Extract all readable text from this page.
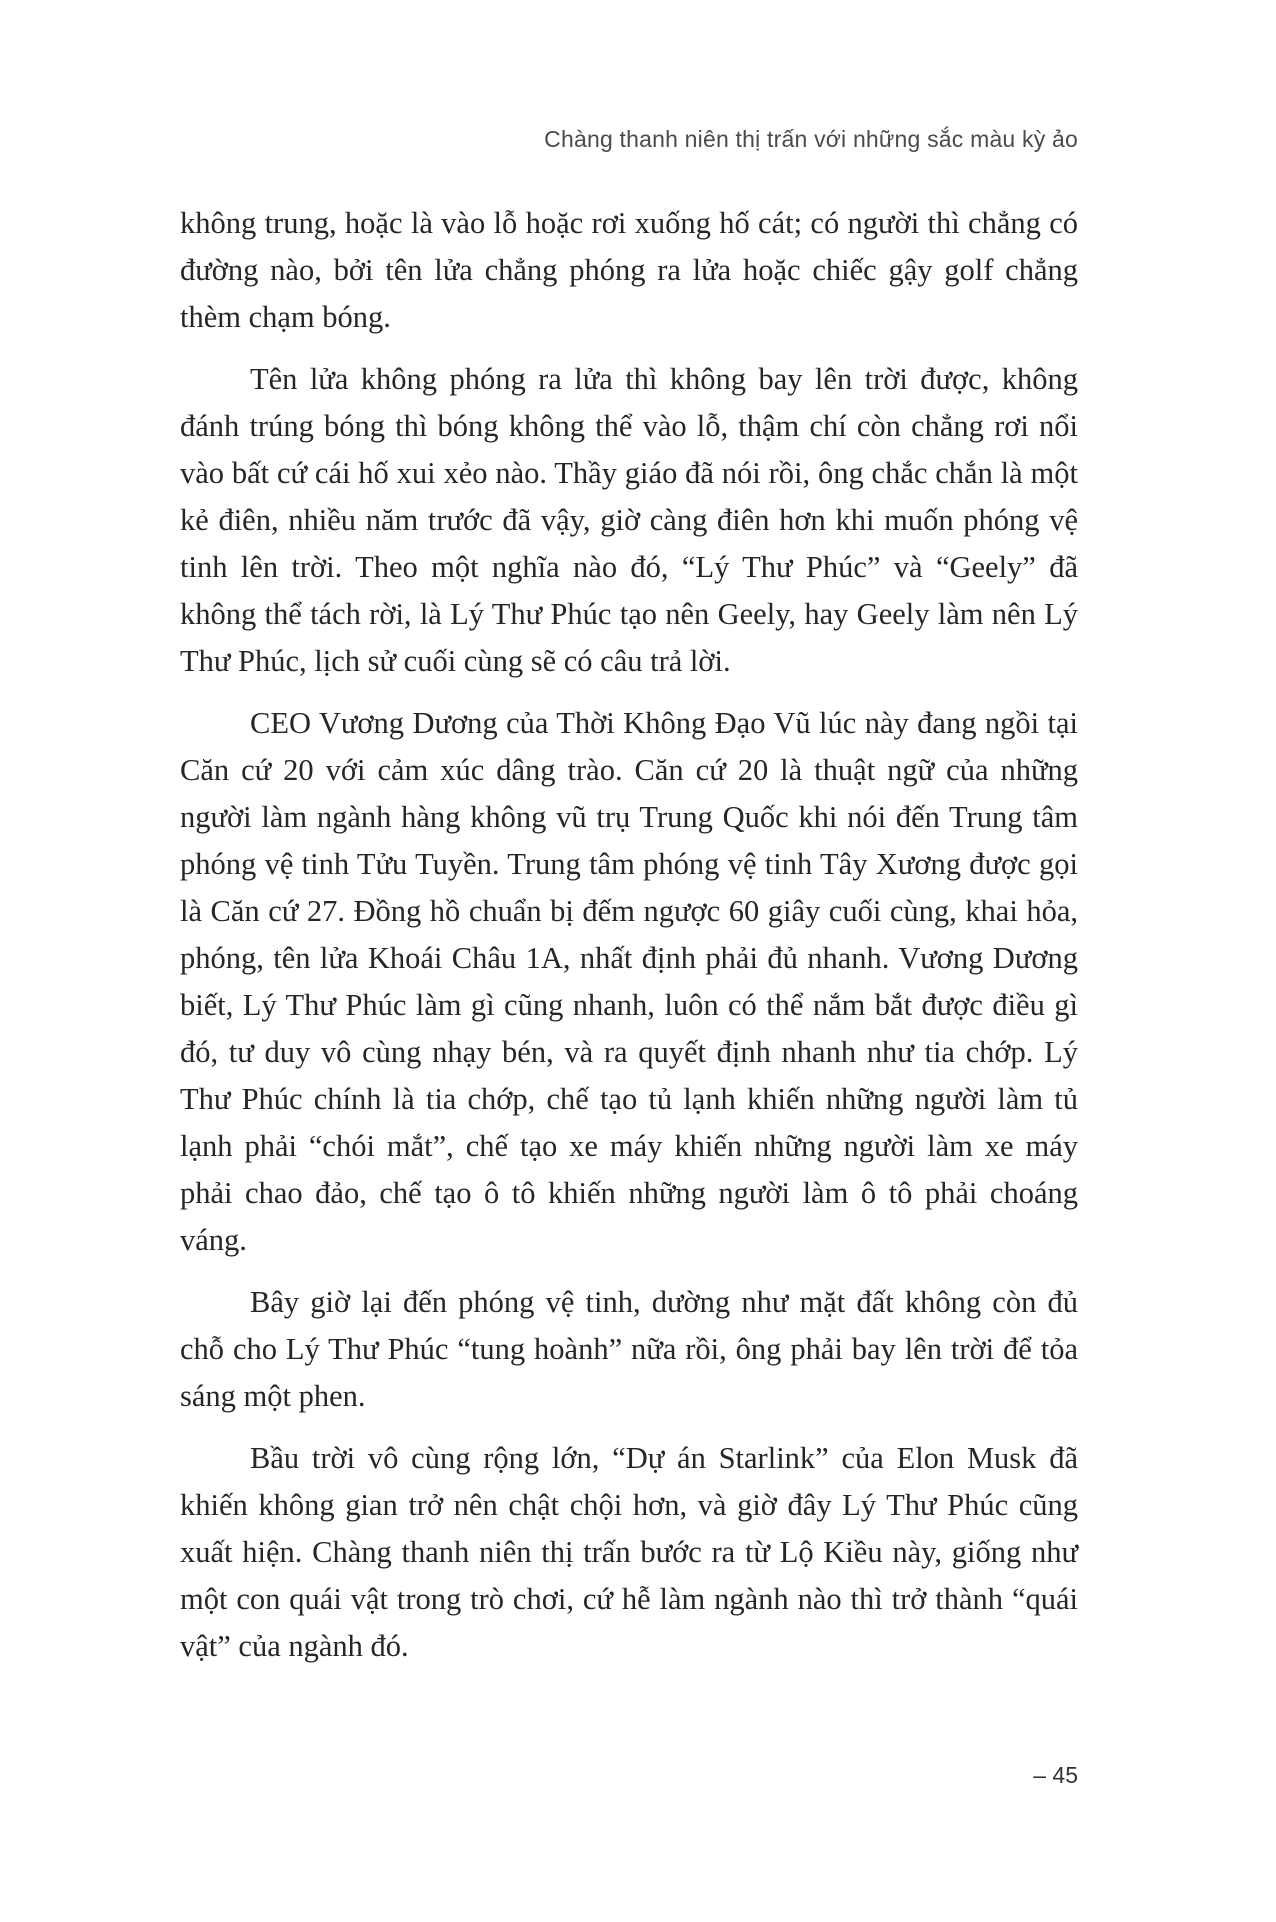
Chàng thanh niên thị trấn với những sắc màu kỳ ảo

không trung, hoặc là vào lỗ hoặc rơi xuống hố cát; có người thì chẳng có đường nào, bởi tên lửa chẳng phóng ra lửa hoặc chiếc gậy golf chẳng thèm chạm bóng.

Tên lửa không phóng ra lửa thì không bay lên trời được, không đánh trúng bóng thì bóng không thể vào lỗ, thậm chí còn chẳng rơi nổi vào bất cứ cái hố xui xẻo nào. Thầy giáo đã nói rồi, ông chắc chắn là một kẻ điên, nhiều năm trước đã vậy, giờ càng điên hơn khi muốn phóng vệ tinh lên trời. Theo một nghĩa nào đó, “Lý Thư Phúc” và “Geely” đã không thể tách rời, là Lý Thư Phúc tạo nên Geely, hay Geely làm nên Lý Thư Phúc, lịch sử cuối cùng sẽ có câu trả lời.

CEO Vương Dương của Thời Không Đạo Vũ lúc này đang ngồi tại Căn cứ 20 với cảm xúc dâng trào. Căn cứ 20 là thuật ngữ của những người làm ngành hàng không vũ trụ Trung Quốc khi nói đến Trung tâm phóng vệ tinh Tửu Tuyền. Trung tâm phóng vệ tinh Tây Xương được gọi là Căn cứ 27. Đồng hồ chuẩn bị đếm ngược 60 giây cuối cùng, khai hỏa, phóng, tên lửa Khoái Châu 1A, nhất định phải đủ nhanh. Vương Dương biết, Lý Thư Phúc làm gì cũng nhanh, luôn có thể nắm bắt được điều gì đó, tư duy vô cùng nhạy bén, và ra quyết định nhanh như tia chớp. Lý Thư Phúc chính là tia chớp, chế tạo tủ lạnh khiến những người làm tủ lạnh phải “chói mắt”, chế tạo xe máy khiến những người làm xe máy phải chao đảo, chế tạo ô tô khiến những người làm ô tô phải choáng váng.

Bây giờ lại đến phóng vệ tinh, dường như mặt đất không còn đủ chỗ cho Lý Thư Phúc “tung hoành” nữa rồi, ông phải bay lên trời để tỏa sáng một phen.

Bầu trời vô cùng rộng lớn, “Dự án Starlink” của Elon Musk đã khiến không gian trở nên chật chội hơn, và giờ đây Lý Thư Phúc cũng xuất hiện. Chàng thanh niên thị trấn bước ra từ Lộ Kiều này, giống như một con quái vật trong trò chơi, cứ hễ làm ngành nào thì trở thành “quái vật” của ngành đó.

– 45
